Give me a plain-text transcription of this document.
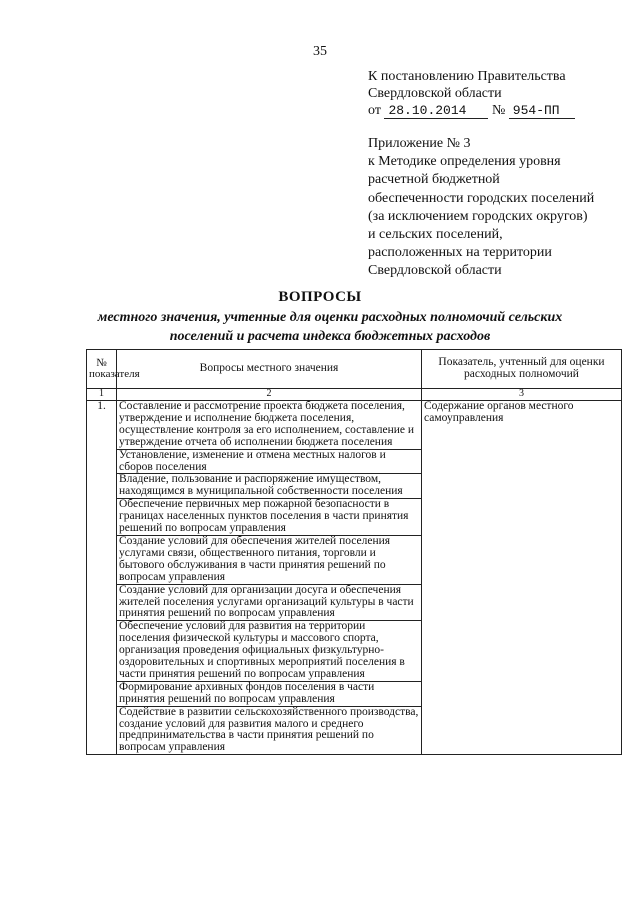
35
К постановлению Правительства
Свердловской области
от 28.10.2014 № 954-ПП
Приложение № 3
к Методике определения уровня
расчетной бюджетной
обеспеченности городских поселений
(за исключением городских округов)
и сельских поселений,
расположенных на территории
Свердловской области
ВОПРОСЫ
местного значения, учтенные для оценки расходных полномочий сельских
поселений и расчета индекса бюджетных расходов
№ показателя	Вопросы местного значения	Показатель, учтенный для оценки расходных полномочий
1	2	3
1.	Составление и рассмотрение проекта бюджета поселения, утверждение и исполнение бюджета поселения, осуществление контроля за его исполнением, составление и утверждение отчета об исполнении бюджета поселения	Содержание органов местного самоуправления
	Установление, изменение и отмена местных налогов и сборов поселения	
	Владение, пользование и распоряжение имуществом, находящимся в муниципальной собственности поселения	
	Обеспечение первичных мер пожарной безопасности в границах населенных пунктов поселения в части принятия решений по вопросам управления	
	Создание условий для обеспечения жителей поселения услугами связи, общественного питания, торговли и бытового обслуживания в части принятия решений по вопросам управления	
	Создание условий для организации досуга и обеспечения жителей поселения услугами организаций культуры в части принятия решений по вопросам управления	
	Обеспечение условий для развития на территории поселения физической культуры и массового спорта, организация проведения официальных физкультурно-оздоровительных и спортивных мероприятий поселения в части принятия решений по вопросам управления	
	Формирование архивных фондов поселения в части принятия решений по вопросам управления	
	Содействие в развитии сельскохозяйственного производства, создание условий для развития малого и среднего предпринимательства в части принятия решений по вопросам управления	
